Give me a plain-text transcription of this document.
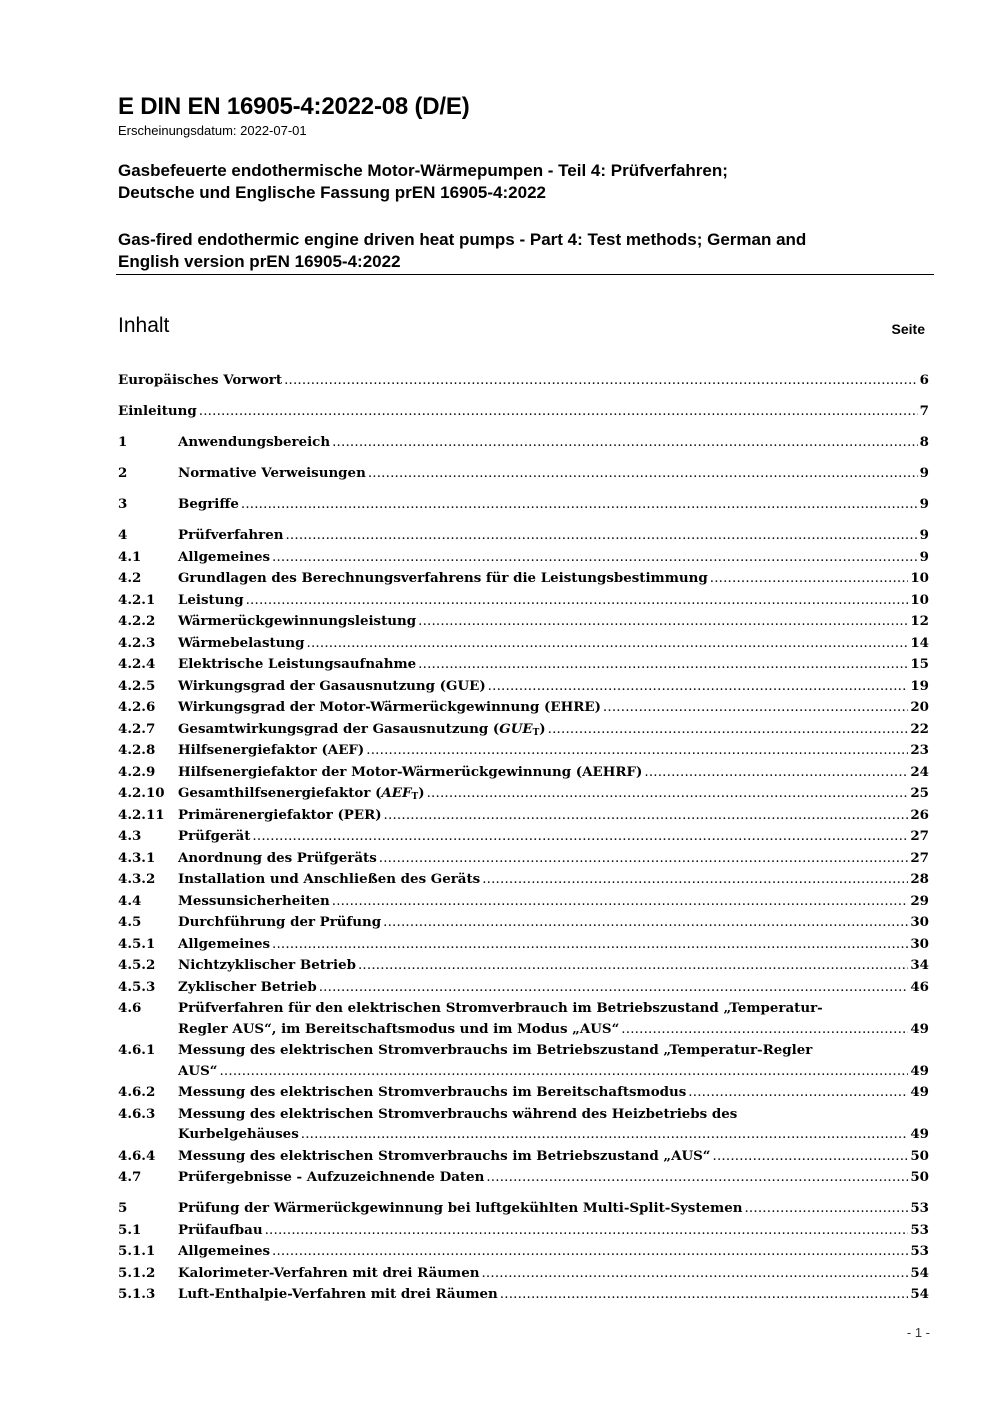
E DIN EN 16905-4:2022-08 (D/E)
Erscheinungsdatum: 2022-07-01
Gasbefeuerte endothermische Motor-Wärmepumpen - Teil 4: Prüfverfahren;
Deutsche und Englische Fassung prEN 16905-4:2022
Gas-fired endothermic engine driven heat pumps - Part 4: Test methods; German and
English version prEN 16905-4:2022
Inhalt	Seite
Europäisches Vorwort .....	6
Einleitung .....	7
1	Anwendungsbereich .....	8
2	Normative Verweisungen .....	9
3	Begriffe .....	9
4	Prüfverfahren .....	9
4.1	Allgemeines .....	9
4.2	Grundlagen des Berechnungsverfahrens für die Leistungsbestimmung .....	10
4.2.1	Leistung .....	10
4.2.2	Wärmerückgewinnungsleistung .....	12
4.2.3	Wärmebelastung .....	14
4.2.4	Elektrische Leistungsaufnahme .....	15
4.2.5	Wirkungsgrad der Gasausnutzung (GUE) .....	19
4.2.6	Wirkungsgrad der Motor-Wärmerückgewinnung (EHRE) .....	20
4.2.7	Gesamtwirkungsgrad der Gasausnutzung $(GUE_T)$ .....	22
4.2.8	Hilfsenergiefaktor (AEF) .....	23
4.2.9	Hilfsenergiefaktor der Motor-Wärmerückgewinnung (AEHRF) .....	24
4.2.10	Gesamthilfsenergiefaktor $(AEF_T)$ .....	25
4.2.11	Primärenergiefaktor (PER) .....	26
4.3	Prüfgerät .....	27
4.3.1	Anordnung des Prüfgeräts .....	27
4.3.2	Installation und Anschließen des Geräts .....	28
4.4	Messunsicherheiten .....	29
4.5	Durchführung der Prüfung .....	30
4.5.1	Allgemeines .....	30
4.5.2	Nichtzyklischer Betrieb .....	34
4.5.3	Zyklischer Betrieb .....	46
4.6	Prüfverfahren für den elektrischen Stromverbrauch im Betriebszustand „Temperatur-
Regler AUS“, im Bereitschaftsmodus und im Modus „AUS“ .....	49
4.6.1	Messung des elektrischen Stromverbrauchs im Betriebszustand „Temperatur-Regler
AUS“ .....	49
4.6.2	Messung des elektrischen Stromverbrauchs im Bereitschaftsmodus .....	49
4.6.3	Messung des elektrischen Stromverbrauchs während des Heizbetriebs des
Kurbelgehäuses .....	49
4.6.4	Messung des elektrischen Stromverbrauchs im Betriebszustand „AUS“ .....	50
4.7	Prüfergebnisse - Aufzuzeichnende Daten .....	50
5	Prüfung der Wärmerückgewinnung bei luftgekühlten Multi-Split-Systemen .....	53
5.1	Prüfaufbau .....	53
5.1.1	Allgemeines .....	53
5.1.2	Kalorimeter-Verfahren mit drei Räumen .....	54
5.1.3	Luft-Enthalpie-Verfahren mit drei Räumen .....	54
- 1 -
